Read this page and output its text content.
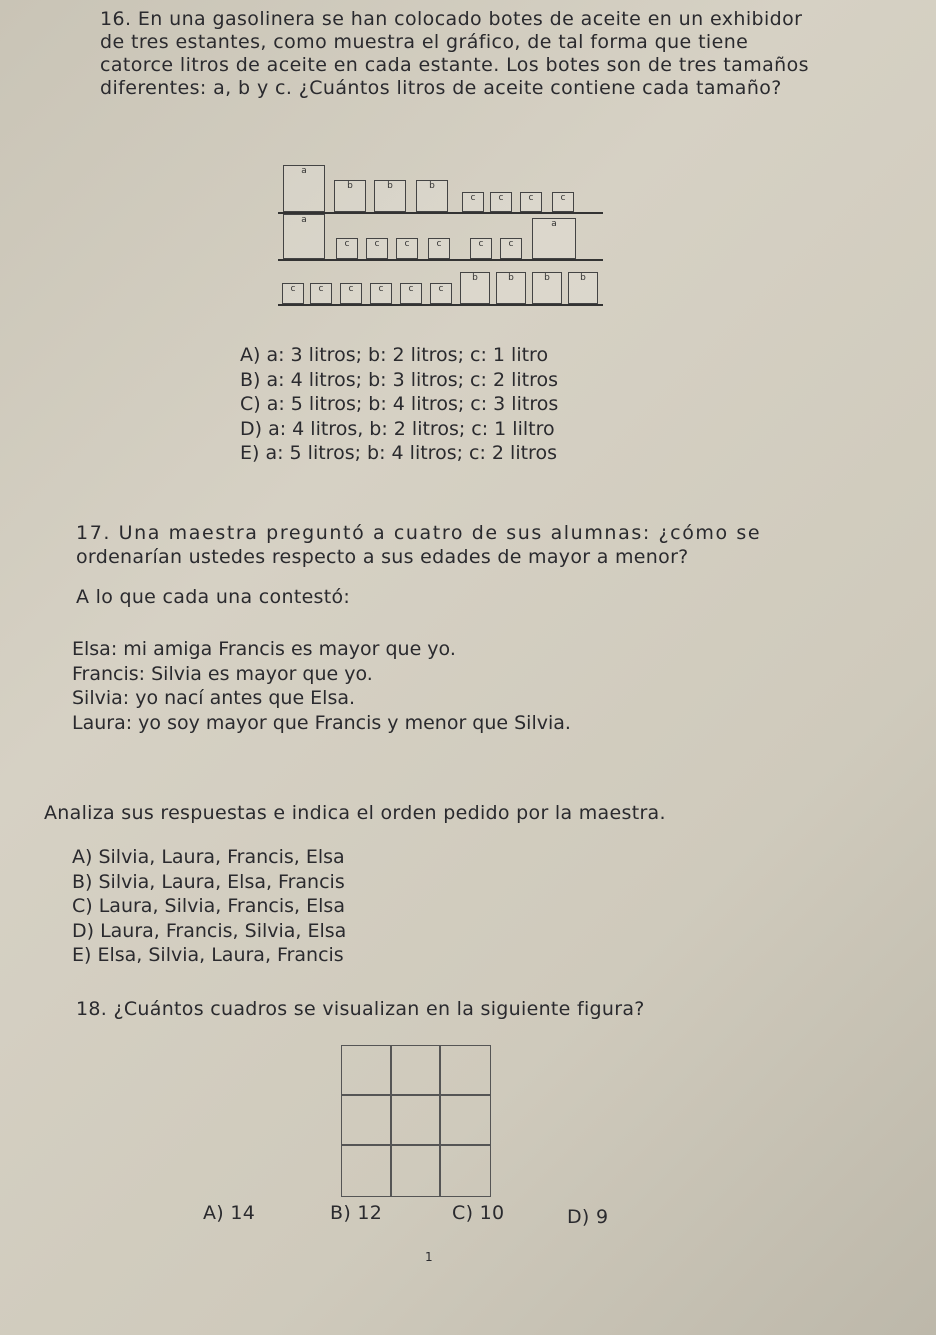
16. En una gasolinera se han colocado botes de aceite en un exhibidor
de tres estantes, como muestra el gráfico, de tal forma que tiene
catorce litros de aceite en cada estante. Los botes son de tres tamaños
diferentes: a, b y c. ¿Cuántos litros de aceite contiene cada tamaño?
a
b	b	b
c	c	c	c
a
c	c	c	c	c	c
a
c	c	c	c	c	c
b	b	b	b
A) a: 3 litros; b: 2 litros; c: 1 litro
B) a: 4 litros; b: 3 litros; c: 2 litros
C) a: 5 litros; b: 4 litros; c: 3 litros
D) a: 4 litros, b: 2 litros; c: 1 liltro
E) a: 5 litros; b: 4 litros; c: 2 litros
17. Una maestra preguntó a cuatro de sus alumnas: ¿cómo se
ordenarían ustedes respecto a sus edades de mayor a menor?
A lo que cada una contestó:
Elsa: mi amiga Francis es mayor que yo.
Francis: Silvia es mayor que yo.
Silvia: yo nací antes que Elsa.
Laura: yo soy mayor que Francis y menor que Silvia.
Analiza sus respuestas e indica el orden pedido por la maestra.
A) Silvia, Laura, Francis, Elsa
B) Silvia, Laura, Elsa, Francis
C) Laura, Silvia, Francis, Elsa
D) Laura, Francis, Silvia, Elsa
E) Elsa, Silvia, Laura, Francis
18. ¿Cuántos cuadros se visualizan en la siguiente figura?
A) 14	B) 12	C) 10	D) 9
1
